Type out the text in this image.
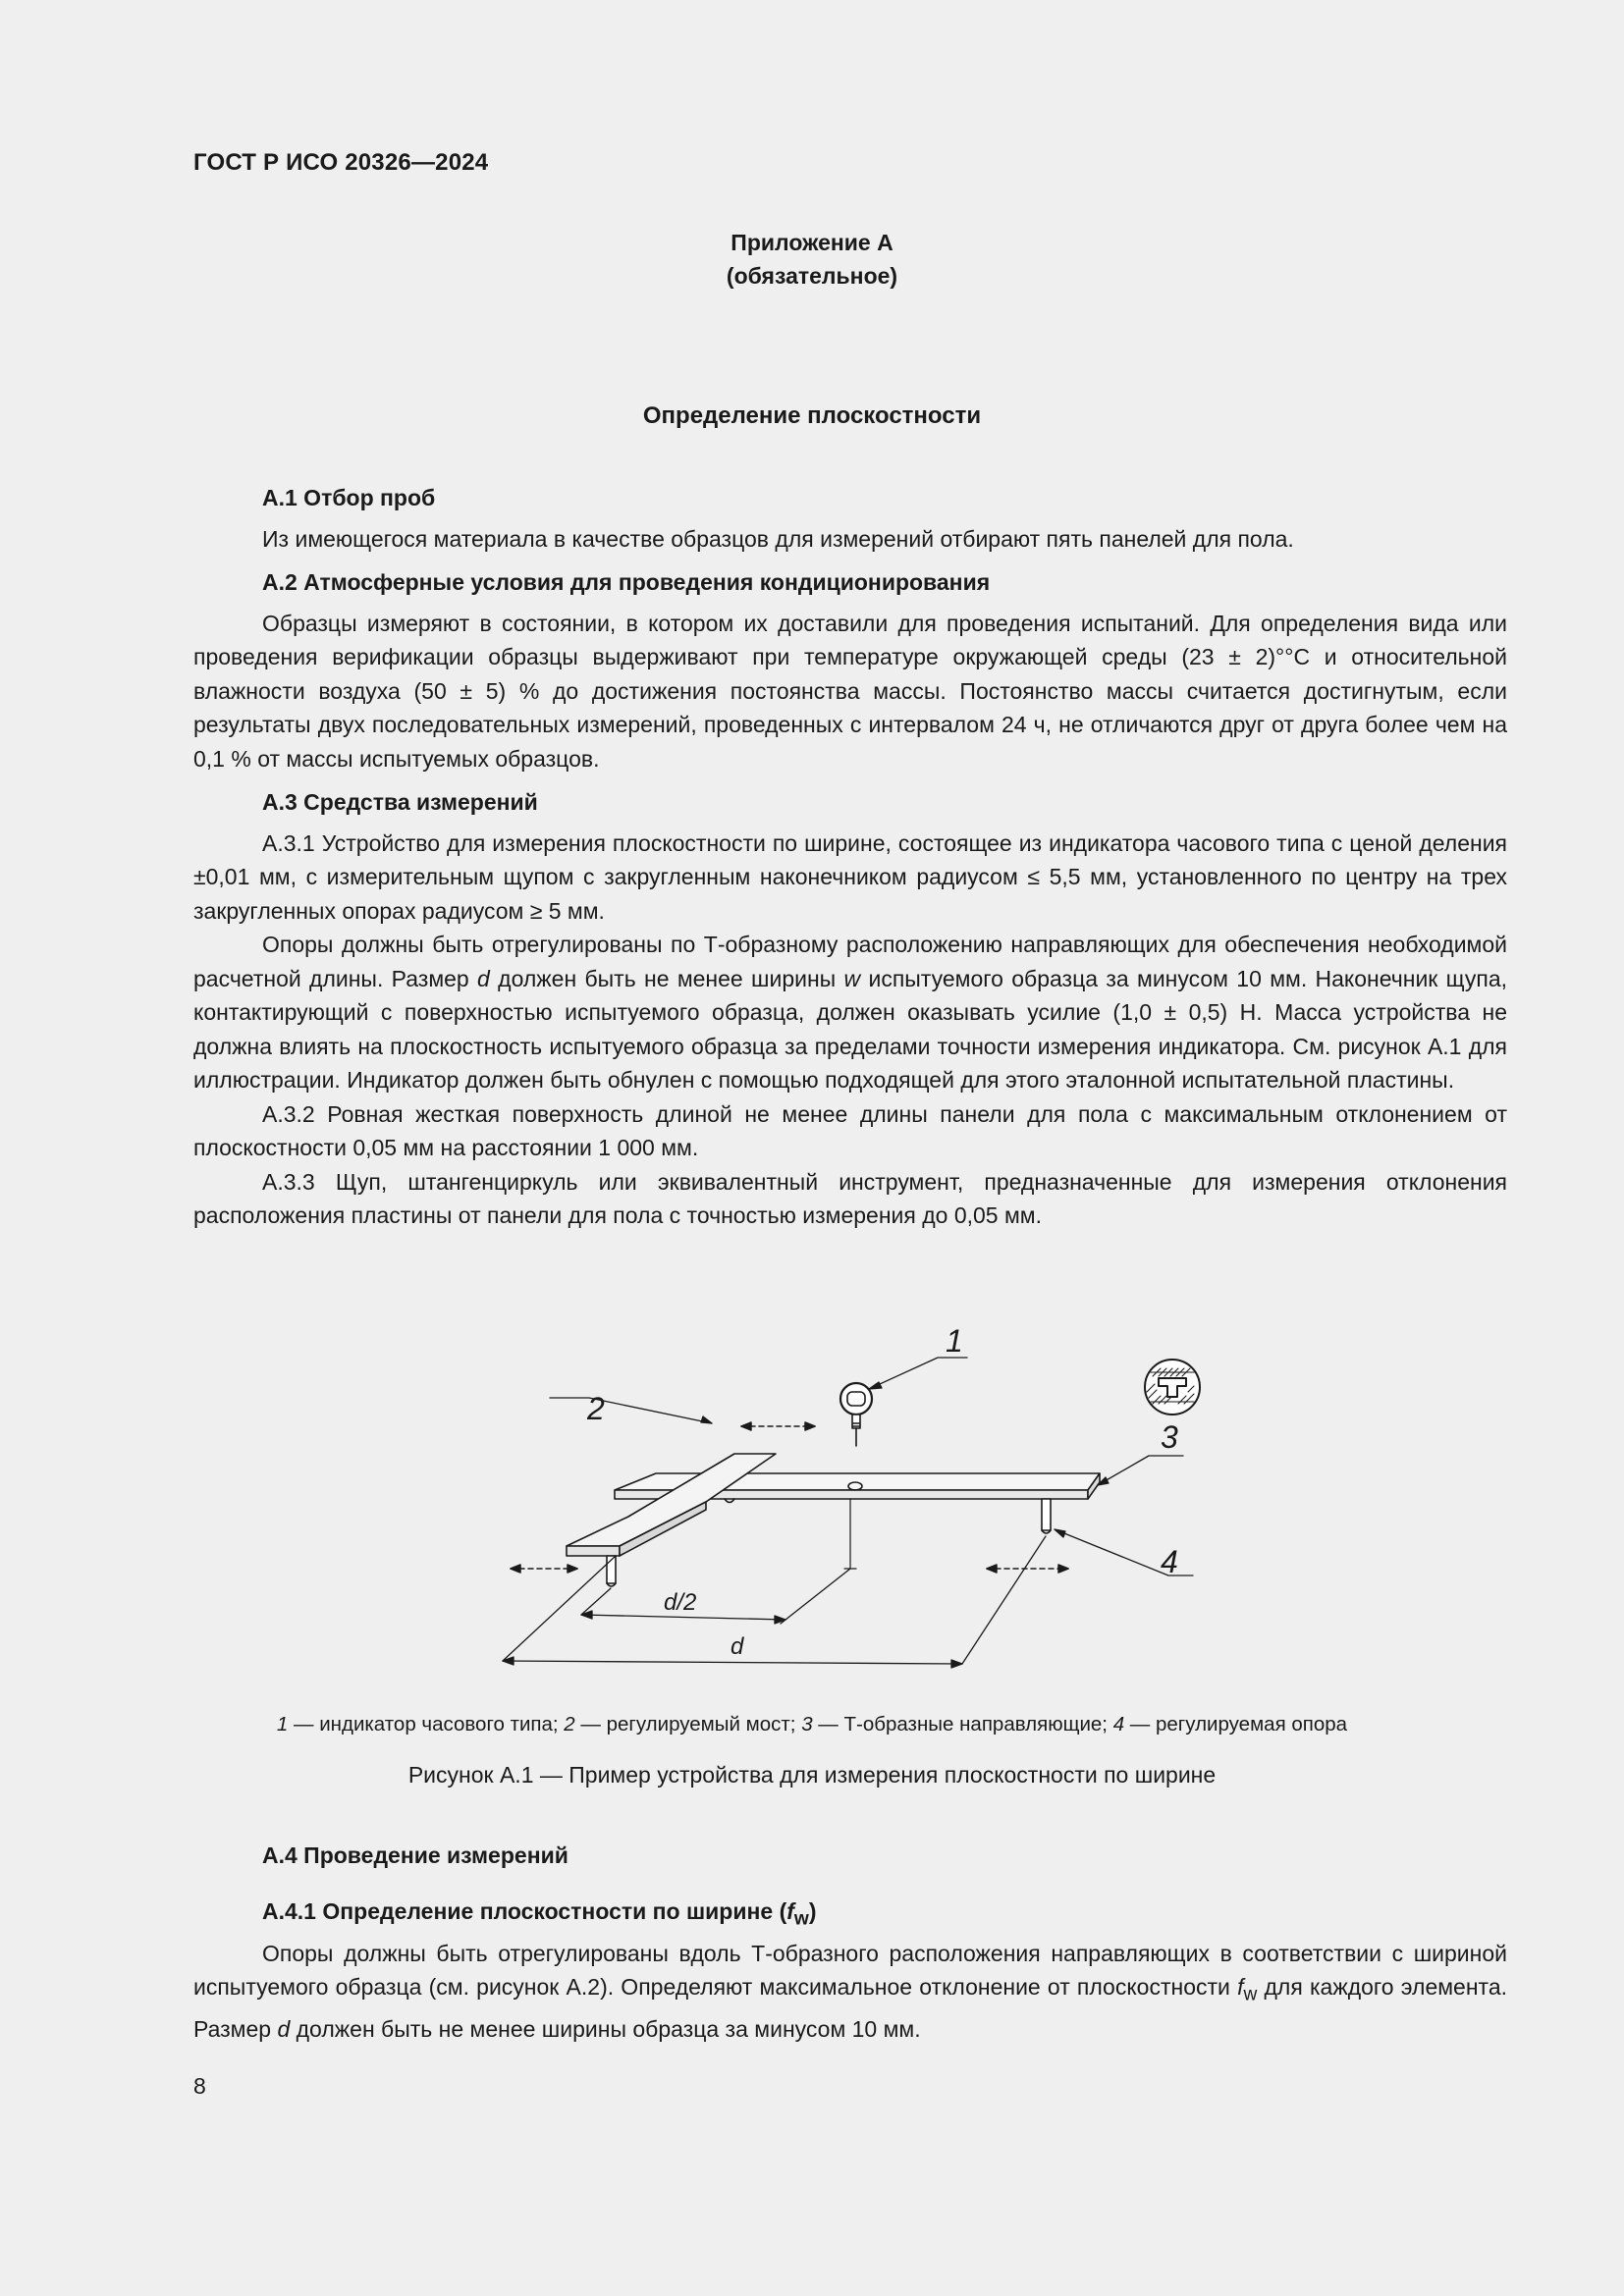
ГОСТ Р ИСО 20326—2024
Приложение А
(обязательное)
Определение плоскостности
А.1 Отбор проб

Из имеющегося материала в качестве образцов для измерений отбирают пять панелей для пола.

А.2 Атмосферные условия для проведения кондиционирования

Образцы измеряют в состоянии, в котором их доставили для проведения испытаний. Для определения вида или проведения верификации образцы выдерживают при температуре окружающей среды (23 ± 2)°°С и относительной влажности воздуха (50 ± 5) % до достижения постоянства массы. Постоянство массы считается достигнутым, если результаты двух последовательных измерений, проведенных с интервалом 24 ч, не отличаются друг от друга более чем на 0,1 % от массы испытуемых образцов.

А.3 Средства измерений

А.3.1 Устройство для измерения плоскостности по ширине, состоящее из индикатора часового типа с ценой деления ±0,01 мм, с измерительным щупом с закругленным наконечником радиусом ≤ 5,5 мм, установленного по центру на трех закругленных опорах радиусом ≥ 5 мм.

Опоры должны быть отрегулированы по Т-образному расположению направляющих для обеспечения необходимой расчетной длины. Размер d должен быть не менее ширины w испытуемого образца за минусом 10 мм. Наконечник щупа, контактирующий с поверхностью испытуемого образца, должен оказывать усилие (1,0 ± 0,5) Н. Масса устройства не должна влиять на плоскостность испытуемого образца за пределами точности измерения индикатора. См. рисунок А.1 для иллюстрации. Индикатор должен быть обнулен с помощью подходящей для этого эталонной испытательной пластины.

А.3.2 Ровная жесткая поверхность длиной не менее длины панели для пола с максимальным отклонением от плоскостности 0,05 мм на расстоянии 1 000 мм.

А.3.3 Щуп, штангенциркуль или эквивалентный инструмент, предназначенные для измерения отклонения расположения пластины от панели для пола с точностью измерения до 0,05 мм.

1
2
3
4
d/2
d
1 — индикатор часового типа; 2 — регулируемый мост; 3 — Т-образные направляющие; 4 — регулируемая опора
Рисунок А.1 — Пример устройства для измерения плоскостности по ширине
А.4 Проведение измерений
А.4.1 Определение плоскостности по ширине $(f_w)$

Опоры должны быть отрегулированы вдоль Т-образного расположения направляющих в соответствии с шириной испытуемого образца (см. рисунок А.2). Определяют максимальное отклонение от плоскостности $f_w$ для каждого элемента. Размер d должен быть не менее ширины образца за минусом 10 мм.

8
